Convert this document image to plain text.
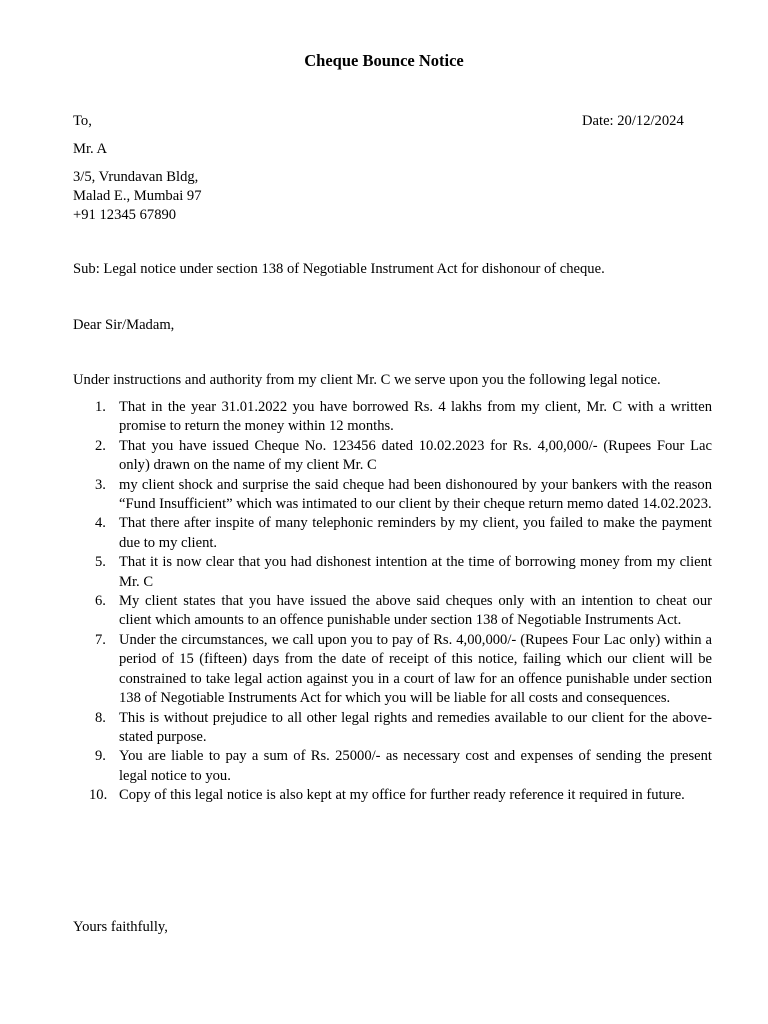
Cheque Bounce Notice
To,	Date: 20/12/2024
Mr. A
3/5, Vrundavan Bldg,
Malad E., Mumbai 97
+91 12345 67890
Sub: Legal notice under section 138 of Negotiable Instrument Act for dishonour of cheque.
Dear Sir/Madam,
Under instructions and authority from my client Mr. C we serve upon you the following legal notice.
1. That in the year 31.01.2022 you have borrowed Rs. 4 lakhs from my client, Mr. C with a written promise to return the money within 12 months.
2. That you have issued Cheque No. 123456 dated 10.02.2023 for Rs. 4,00,000/- (Rupees Four Lac only) drawn on the name of my client Mr. C
3. my client shock and surprise the said cheque had been dishonoured by your bankers with the reason “Fund Insufficient” which was intimated to our client by their cheque return memo dated 14.02.2023.
4. That there after inspite of many telephonic reminders by my client, you failed to make the payment due to my client.
5. That it is now clear that you had dishonest intention at the time of borrowing money from my client Mr. C
6. My client states that you have issued the above said cheques only with an intention to cheat our client which amounts to an offence punishable under section 138 of Negotiable Instruments Act.
7. Under the circumstances, we call upon you to pay of Rs. 4,00,000/- (Rupees Four Lac only) within a period of 15 (fifteen) days from the date of receipt of this notice, failing which our client will be constrained to take legal action against you in a court of law for an offence punishable under section 138 of Negotiable Instruments Act for which you will be liable for all costs and consequences.
8. This is without prejudice to all other legal rights and remedies available to our client for the above-stated purpose.
9. You are liable to pay a sum of Rs. 25000/- as necessary cost and expenses of sending the present legal notice to you.
10. Copy of this legal notice is also kept at my office for further ready reference it required in future.
Yours faithfully,
